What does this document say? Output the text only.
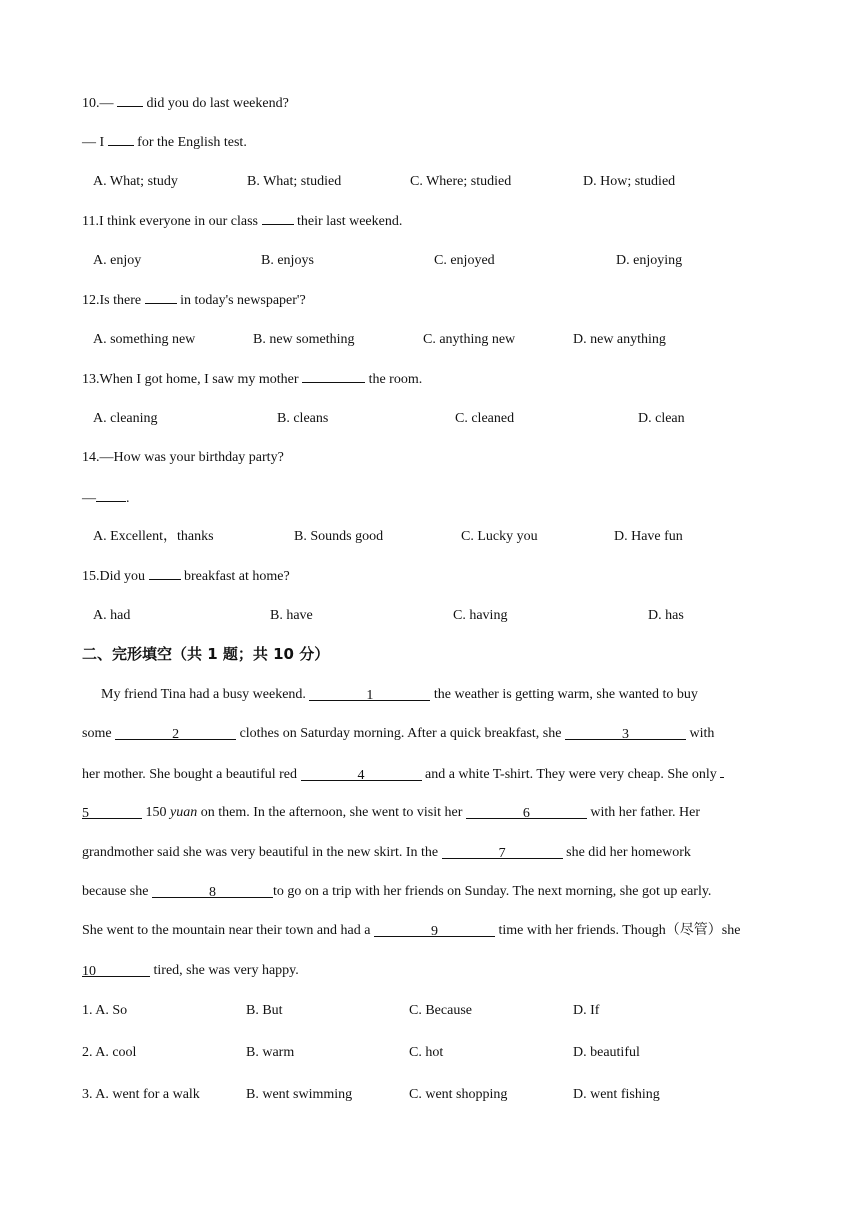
10.—  did you do last weekend?
— I  for the English test.
A. What; study	B. What; studied	C. Where; studied	D. How; studied
11.I think everyone in our class  their last weekend.
A. enjoy	B. enjoys	C. enjoyed	D. enjoying
12.Is there  in today's newspaper'?
A. something new	B. new something	C. anything new	D. new anything
13.When I got home, I saw my mother	the room.
A. cleaning	B. cleans	C. cleaned	D. clean
14.—How was your birthday party?
— .
A. Excellent，thanks	B. Sounds good	C. Lucky you	D. Have fun
15.Did you  breakfast at home?
A. had	B. have	C. having	D. has
二、完形填空（共 1 题；共 10 分）
My friend Tina had a busy weekend.	1	the weather is getting warm, she wanted to buy
some	2	clothes on Saturday morning. After a quick breakfast, she	3	with
her mother. She bought a beautiful red	4	and a white T-shirt. They were very cheap. She only
5	150 yuan on them. In the afternoon, she went to visit her	6	with her father. Her
grandmother said she was very beautiful in the new skirt. In the	7	she did her homework
because she	8	to go on a trip with her friends on Sunday. The next morning, she got up early.
She went to the mountain near their town and had a	9	time with her friends. Though（尽管）she
10	tired, she was very happy.
1. A. So	B. But	C. Because	D. If
2. A. cool	B. warm	C. hot	D. beautiful
3. A. went for a walk	B. went swimming	C. went shopping	D. went fishing
